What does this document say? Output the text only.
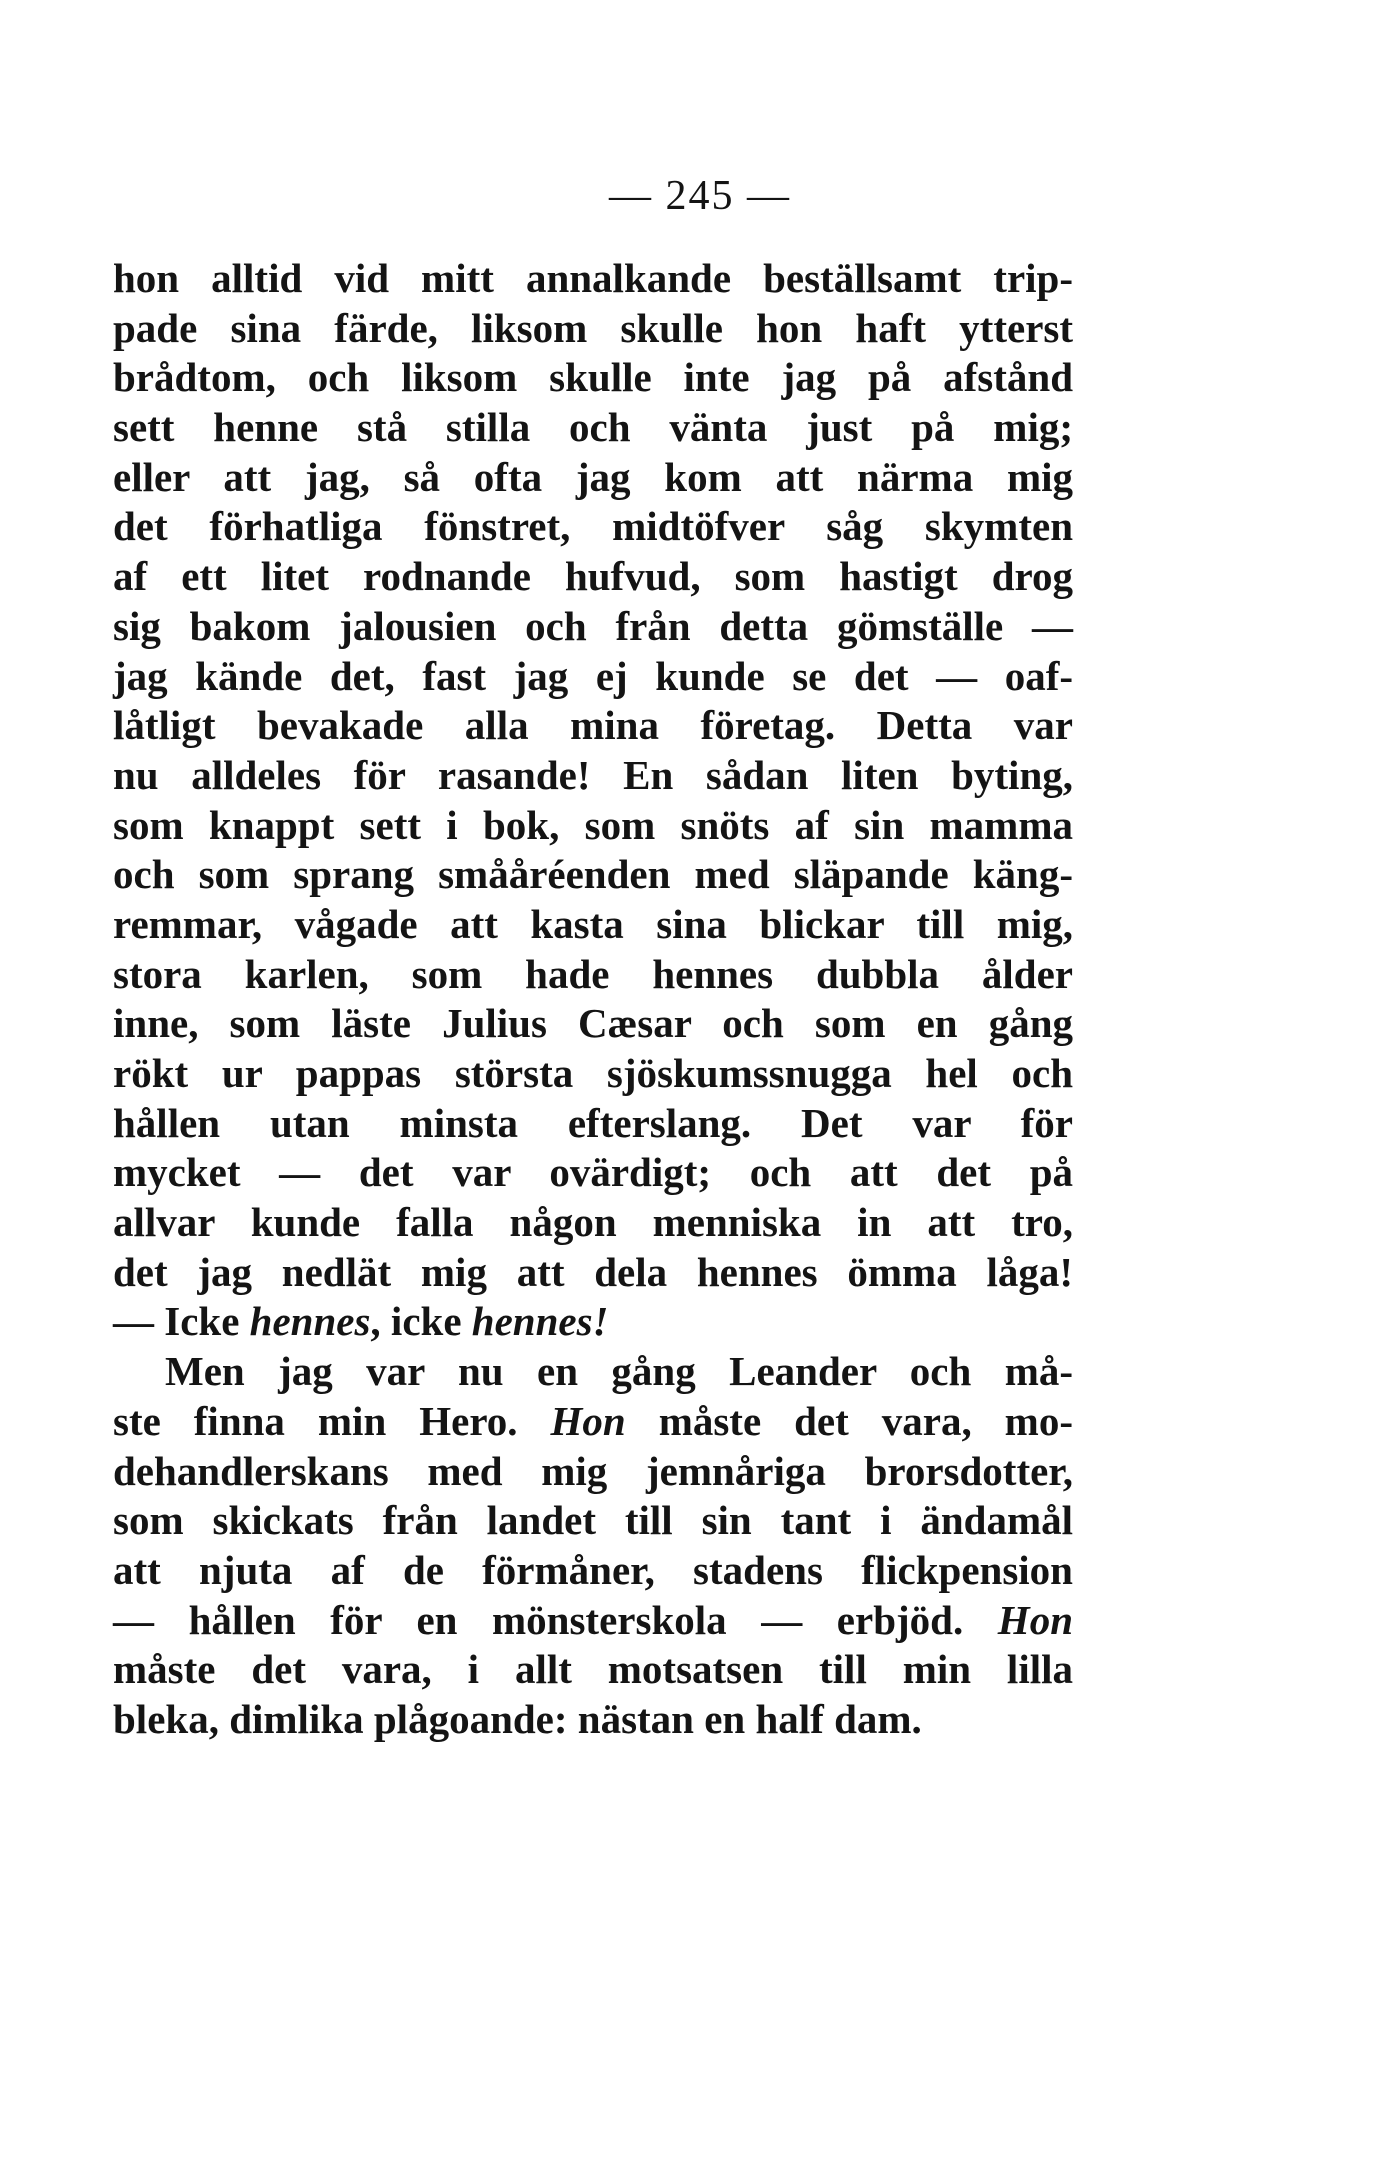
— 245 —
hon alltid vid mitt annalkande beställsamt trip-
pade sina färde, liksom skulle hon haft ytterst
brådtom, och liksom skulle inte jag på afstånd
sett henne stå stilla och vänta just på mig;
eller att jag, så ofta jag kom att närma mig
det förhatliga fönstret, midtöfver såg skymten
af ett litet rodnande hufvud, som hastigt drog
sig bakom jalousien och från detta gömställe —
jag kände det, fast jag ej kunde se det — oaf-
låtligt bevakade alla mina företag. Detta var
nu alldeles för rasande! En sådan liten byting,
som knappt sett i bok, som snöts af sin mamma
och som sprang smååréenden med släpande käng-
remmar, vågade att kasta sina blickar till mig,
stora karlen, som hade hennes dubbla ålder
inne, som läste Julius Cæsar och som en gång
rökt ur pappas största sjöskumssnugga hel och
hållen utan minsta efterslang. Det var för
mycket — det var ovärdigt; och att det på
allvar kunde falla någon menniska in att tro,
det jag nedlät mig att dela hennes ömma låga!
— Icke hennes, icke hennes!
Men jag var nu en gång Leander och må-
ste finna min Hero. Hon måste det vara, mo-
dehandlerskans med mig jemnåriga brorsdotter,
som skickats från landet till sin tant i ändamål
att njuta af de förmåner, stadens flickpension
— hållen för en mönsterskola — erbjöd. Hon
måste det vara, i allt motsatsen till min lilla
bleka, dimlika plågoande: nästan en half dam.
